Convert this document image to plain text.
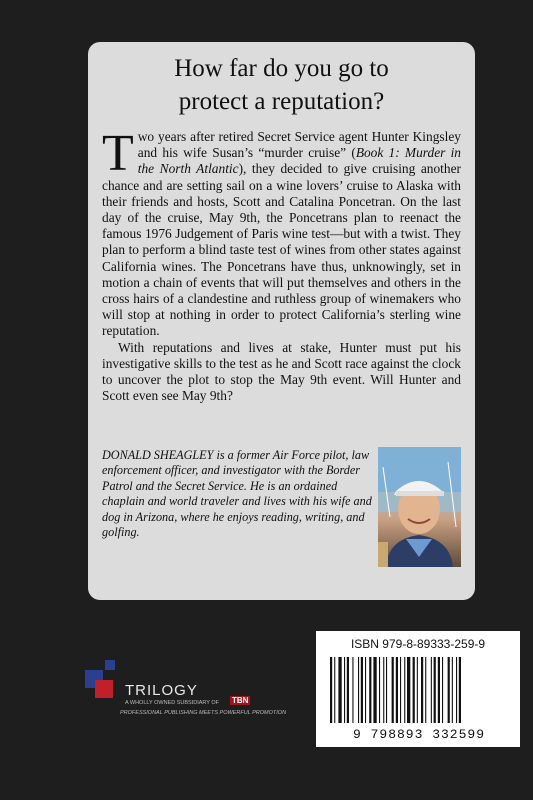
How far do you go to
protect a reputation?

Two years after retired Secret Service agent Hunter Kingsley and his wife Susan’s “murder cruise” (Book 1: Murder in the North Atlantic), they decided to give cruising another chance and are setting sail on a wine lovers’ cruise to Alaska with their friends and hosts, Scott and Catalina Poncetran. On the last day of the cruise, May 9th, the Poncetrans plan to reenact the famous 1976 Judgement of Paris wine test—but with a twist. They plan to perform a blind taste test of wines from other states against California wines. The Poncetrans have thus, unknowingly, set in motion a chain of events that will put themselves and others in the cross hairs of a clandestine and ruthless group of winemakers who will stop at nothing in order to protect California’s sterling wine reputation.

With reputations and lives at stake, Hunter must put his investigative skills to the test as he and Scott race against the clock to uncover the plot to stop the May 9th event. Will Hunter and Scott even see May 9th?

DONALD SHEAGLEY is a former Air Force pilot, law enforcement officer, and investigator with the Border Patrol and the Secret Service. He is an ordained chaplain and world traveler and lives with his wife and dog in Arizona, where he enjoys reading, writing, and golfing.
TRILOGY
A WHOLLY OWNED SUBSIDIARY OF TBN
PROFESSIONAL PUBLISHING MEETS POWERFUL PROMOTION
ISBN 979-8-89333-259-9
9 798893 332599
